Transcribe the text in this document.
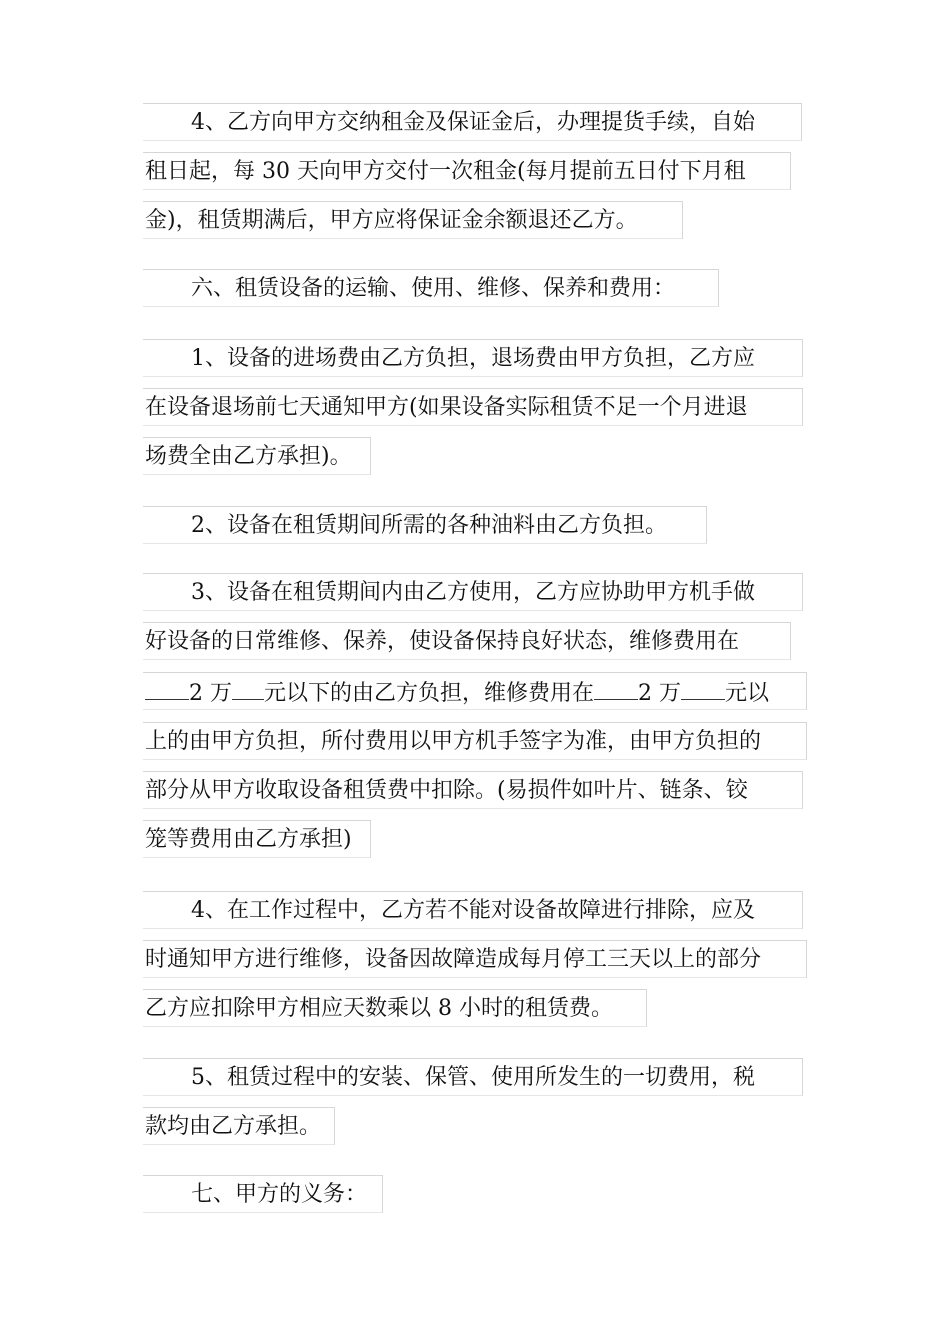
4、乙方向甲方交纳租金及保证金后，办理提货手续，自始
租日起，每 30 天向甲方交付一次租金(每月提前五日付下月租
金)，租赁期满后，甲方应将保证金余额退还乙方。
六、租赁设备的运输、使用、维修、保养和费用：
1、设备的进场费由乙方负担，退场费由甲方负担，乙方应
在设备退场前七天通知甲方(如果设备实际租赁不足一个月进退
场费全由乙方承担)。
2、设备在租赁期间所需的各种油料由乙方负担。
3、设备在租赁期间内由乙方使用，乙方应协助甲方机手做
好设备的日常维修、保养，使设备保持良好状态，维修费用在
2 万 元以下的由乙方负担，维修费用在 2 万 元以
上的由甲方负担，所付费用以甲方机手签字为准，由甲方负担的
部分从甲方收取设备租赁费中扣除。(易损件如叶片、链条、铰
笼等费用由乙方承担)
4、在工作过程中，乙方若不能对设备故障进行排除，应及
时通知甲方进行维修，设备因故障造成每月停工三天以上的部分
乙方应扣除甲方相应天数乘以 8 小时的租赁费。
5、租赁过程中的安装、保管、使用所发生的一切费用，税
款均由乙方承担。
七、甲方的义务：
